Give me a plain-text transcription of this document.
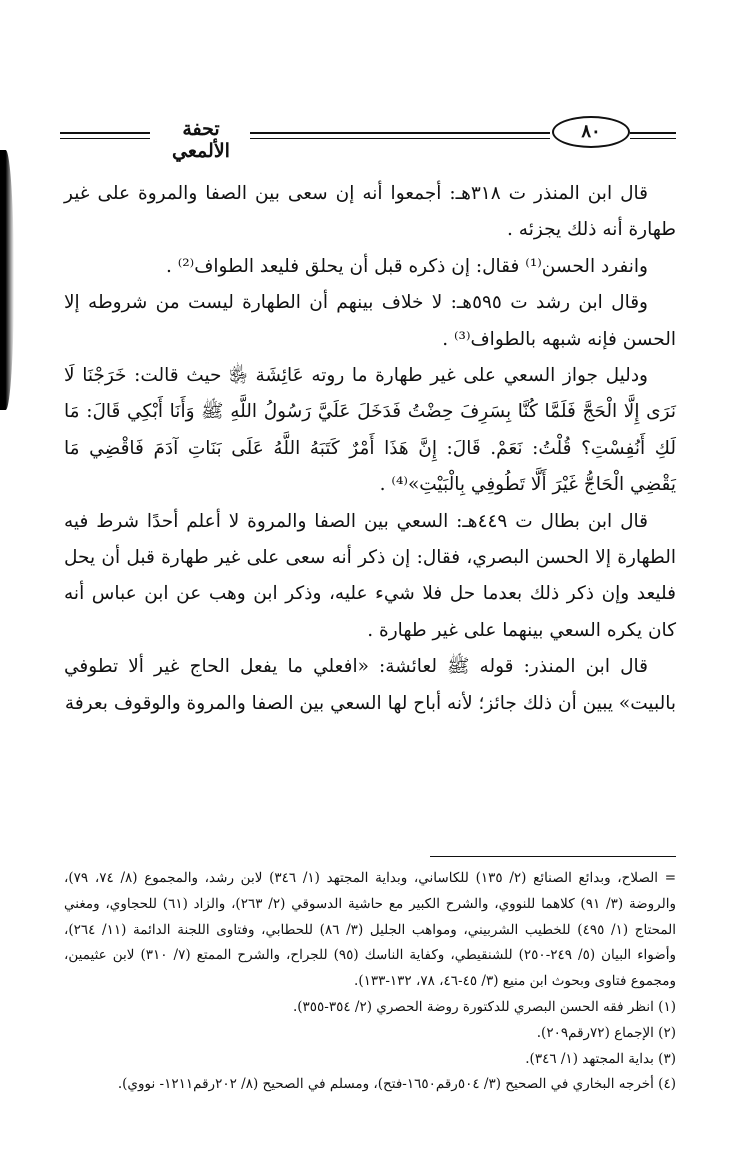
تحفة الألمعي
٨٠

قال ابن المنذر ت ٣١٨هـ: أجمعوا أنه إن سعى بين الصفا والمروة على غير طهارة أنه ذلك يجزئه .

وانفرد الحسن⁽¹⁾ فقال: إن ذكره قبل أن يحلق فليعد الطواف⁽²⁾ .

وقال ابن رشد ت ٥٩٥هـ: لا خلاف بينهم أن الطهارة ليست من شروطه إلا الحسن فإنه شبهه بالطواف⁽³⁾ .

ودليل جواز السعي على غير طهارة ما روته عَائِشَة ﵂ حيث قالت: خَرَجْنَا لَا نَرَى إِلَّا الْحَجَّ فَلَمَّا كُنَّا بِسَرِفَ حِضْتُ فَدَخَلَ عَلَيَّ رَسُولُ اللَّهِ ﷺ وَأَنَا أَبْكِي قَالَ: مَا لَكِ أَنُفِسْتِ؟ قُلْتُ: نَعَمْ. قَالَ: إِنَّ هَذَا أَمْرٌ كَتَبَهُ اللَّهُ عَلَى بَنَاتِ آدَمَ فَاقْضِي مَا يَقْضِي الْحَاجُّ غَيْرَ أَلَّا تَطُوفِي بِالْبَيْتِ»⁽⁴⁾ .

قال ابن بطال ت ٤٤٩هـ: السعي بين الصفا والمروة لا أعلم أحدًا شرط فيه الطهارة إلا الحسن البصري، فقال: إن ذكر أنه سعى على غير طهارة قبل أن يحل فليعد وإن ذكر ذلك بعدما حل فلا شيء عليه، وذكر ابن وهب عن ابن عباس أنه كان يكره السعي بينهما على غير طهارة .

قال ابن المنذر: قوله ﷺ لعائشة: «افعلي ما يفعل الحاج غير ألا تطوفي بالبيت» يبين أن ذلك جائز؛ لأنه أباح لها السعي بين الصفا والمروة والوقوف بعرفة

= الصلاح، وبدائع الصنائع (٢/ ١٣٥) للكاساني، وبداية المجتهد (١/ ٣٤٦) لابن رشد، والمجموع (٨/ ٧٤، ٧٩)، والروضة (٣/ ٩١) كلاهما للنووي، والشرح الكبير مع حاشية الدسوقي (٢/ ٢٦٣)، والزاد (٦١) للحجاوي، ومغني المحتاج (١/ ٤٩٥) للخطيب الشربيني، ومواهب الجليل (٣/ ٨٦) للحطابي، وفتاوى اللجنة الدائمة (١١/ ٢٦٤)، وأضواء البيان (٥/ ٢٤٩-٢٥٠) للشنقيطي، وكفاية الناسك (٩٥) للجراح، والشرح الممتع (٧/ ٣١٠) لابن عثيمين، ومجموع فتاوى وبحوث ابن منيع (٣/ ٤٥-٤٦، ٧٨، ١٣٢-١٣٣).

(١) انظر فقه الحسن البصري للدكتورة روضة الحصري (٢/ ٣٥٤-٣٥٥).

(٢) الإجماع (٧٢رقم٢٠٩).

(٣) بداية المجتهد (١/ ٣٤٦).

(٤) أخرجه البخاري في الصحيح (٣/ ٥٠٤رقم١٦٥٠-فتح)، ومسلم في الصحيح (٨/ ٢٠٢رقم١٢١١- نووي).
